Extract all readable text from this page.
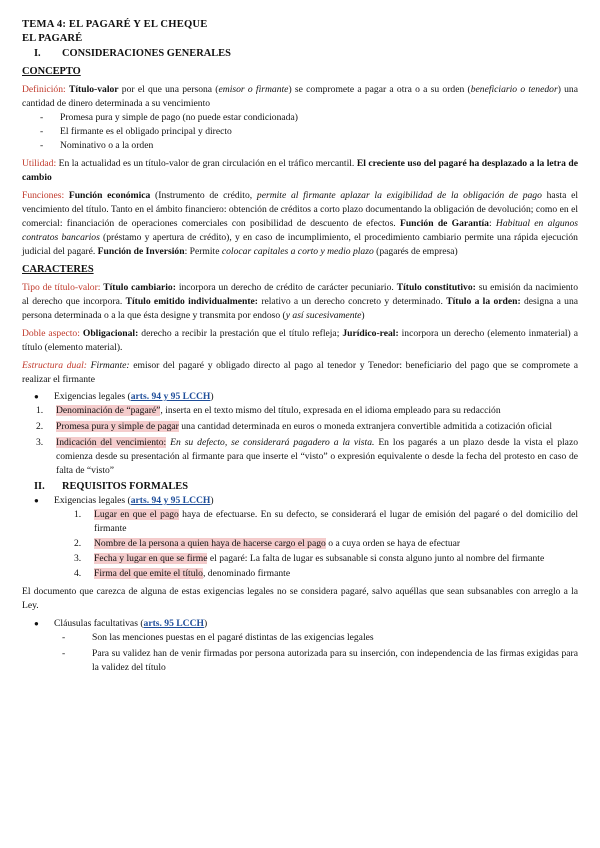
TEMA 4: EL PAGARÉ Y EL CHEQUE
EL PAGARÉ
I.	CONSIDERACIONES GENERALES
CONCEPTO

Definición: Título-valor por el que una persona (emisor o firmante) se compromete a pagar a otra o a su orden (beneficiario o tenedor) una cantidad de dinero determinada a su vencimiento

-	Promesa pura y simple de pago (no puede estar condicionada)
-	El firmante es el obligado principal y directo
-	Nominativo o a la orden

Utilidad: En la actualidad es un título-valor de gran circulación en el tráfico mercantil. El creciente uso del pagaré ha desplazado a la letra de cambio

Funciones: Función económica (Instrumento de crédito, permite al firmante aplazar la exigibilidad de la obligación de pago hasta el vencimiento del título. Tanto en el ámbito financiero: obtención de créditos a corto plazo documentando la obligación de devolución; como en el comercial: financiación de operaciones comerciales con posibilidad de descuento de efectos. Función de Garantía: Habitual en algunos contratos bancarios (préstamo y apertura de crédito), y en caso de incumplimiento, el procedimiento cambiario permite una rápida ejecución judicial del pagaré. Función de Inversión: Permite colocar capitales a corto y medio plazo (pagarés de empresa)

CARACTERES

Tipo de título-valor: Título cambiario: incorpora un derecho de crédito de carácter pecuniario. Título constitutivo: su emisión da nacimiento al derecho que incorpora. Título emitido individualmente: relativo a un derecho concreto y determinado. Título a la orden: designa a una persona determinada o a la que ésta designe y transmita por endoso (y así sucesivamente)

Doble aspecto: Obligacional: derecho a recibir la prestación que el título refleja; Jurídico-real: incorpora un derecho (elemento inmaterial) a título (elemento material).

Estructura dual: Firmante: emisor del pagaré y obligado directo al pago al tenedor y Tenedor: beneficiario del pago que se compromete a realizar el firmante

●	Exigencias legales (arts. 94 y 95 LCCH)
1.	Denominación de “pagaré”, inserta en el texto mismo del título, expresada en el idioma empleado para su redacción
2.	Promesa pura y simple de pagar una cantidad determinada en euros o moneda extranjera convertible admitida a cotización oficial
3.	Indicación del vencimiento: En su defecto, se considerará pagadero a la vista. En los pagarés a un plazo desde la vista el plazo comienza desde su presentación al firmante para que inserte el “visto” o expresión equivalente o desde la fecha del protesto en caso de falta de “visto”
II.	REQUISITOS FORMALES
●	Exigencias legales (arts. 94 y 95 LCCH)
1.	Lugar en que el pago haya de efectuarse. En su defecto, se considerará el lugar de emisión del pagaré o del domicilio del firmante
2.	Nombre de la persona a quien haya de hacerse cargo el pago o a cuya orden se haya de efectuar
3.	Fecha y lugar en que se firme el pagaré: La falta de lugar es subsanable si consta alguno junto al nombre del firmante
4.	Firma del que emite el título, denominado firmante

El documento que carezca de alguna de estas exigencias legales no se considera pagaré, salvo aquéllas que sean subsanables con arreglo a la Ley.

●	Cláusulas facultativas (arts. 95 LCCH)
-	Son las menciones puestas en el pagaré distintas de las exigencias legales
-	Para su validez han de venir firmadas por persona autorizada para su inserción, con independencia de las firmas exigidas para la validez del título
